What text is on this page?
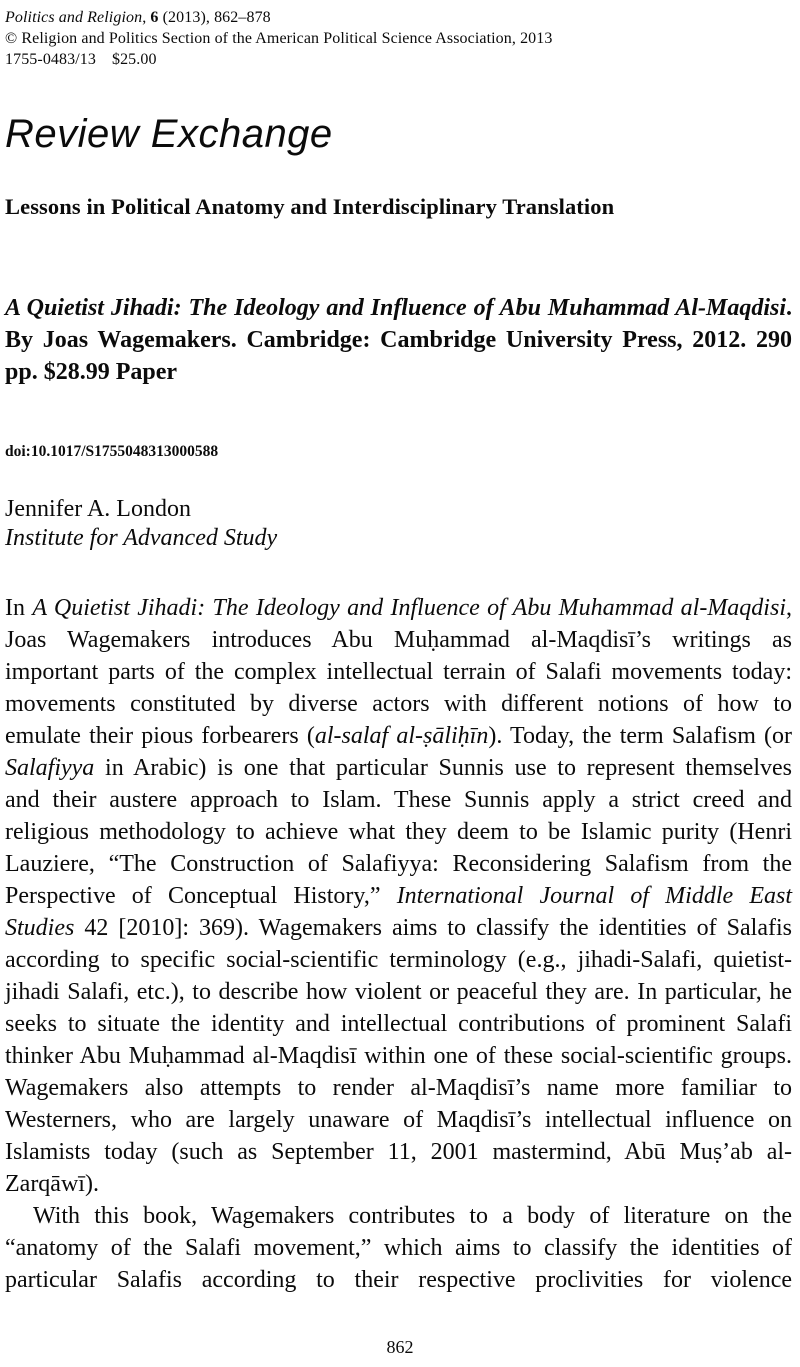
Politics and Religion, 6 (2013), 862–878
© Religion and Politics Section of the American Political Science Association, 2013
1755-0483/13 $25.00
Review Exchange
Lessons in Political Anatomy and Interdisciplinary Translation

A Quietist Jihadi: The Ideology and Influence of Abu Muhammad Al-Maqdisi. By Joas Wagemakers. Cambridge: Cambridge University Press, 2012. 290 pp. $28.99 Paper

doi:10.1017/S1755048313000588
Jennifer A. London
Institute for Advanced Study

In A Quietist Jihadi: The Ideology and Influence of Abu Muhammad al-Maqdisi, Joas Wagemakers introduces Abu Muḥammad al-Maqdisī’s writings as important parts of the complex intellectual terrain of Salafi movements today: movements constituted by diverse actors with different notions of how to emulate their pious forbearers (al-salaf al-ṣāliḥīn). Today, the term Salafism (or Salafiyya in Arabic) is one that particular Sunnis use to represent themselves and their austere approach to Islam. These Sunnis apply a strict creed and religious methodology to achieve what they deem to be Islamic purity (Henri Lauziere, “The Construction of Salafiyya: Reconsidering Salafism from the Perspective of Conceptual History,” International Journal of Middle East Studies 42 [2010]: 369). Wagemakers aims to classify the identities of Salafis according to specific social-scientific terminology (e.g., jihadi-Salafi, quietist-jihadi Salafi, etc.), to describe how violent or peaceful they are. In particular, he seeks to situate the identity and intellectual contributions of prominent Salafi thinker Abu Muḥammad al-Maqdisī within one of these social-scientific groups. Wagemakers also attempts to render al-Maqdisī’s name more familiar to Westerners, who are largely unaware of Maqdisī’s intellectual influence on Islamists today (such as September 11, 2001 mastermind, Abū Muṣ’ab al-Zarqāwī).

With this book, Wagemakers contributes to a body of literature on the “anatomy of the Salafi movement,” which aims to classify the identities of particular Salafis according to their respective proclivities for violence

862
